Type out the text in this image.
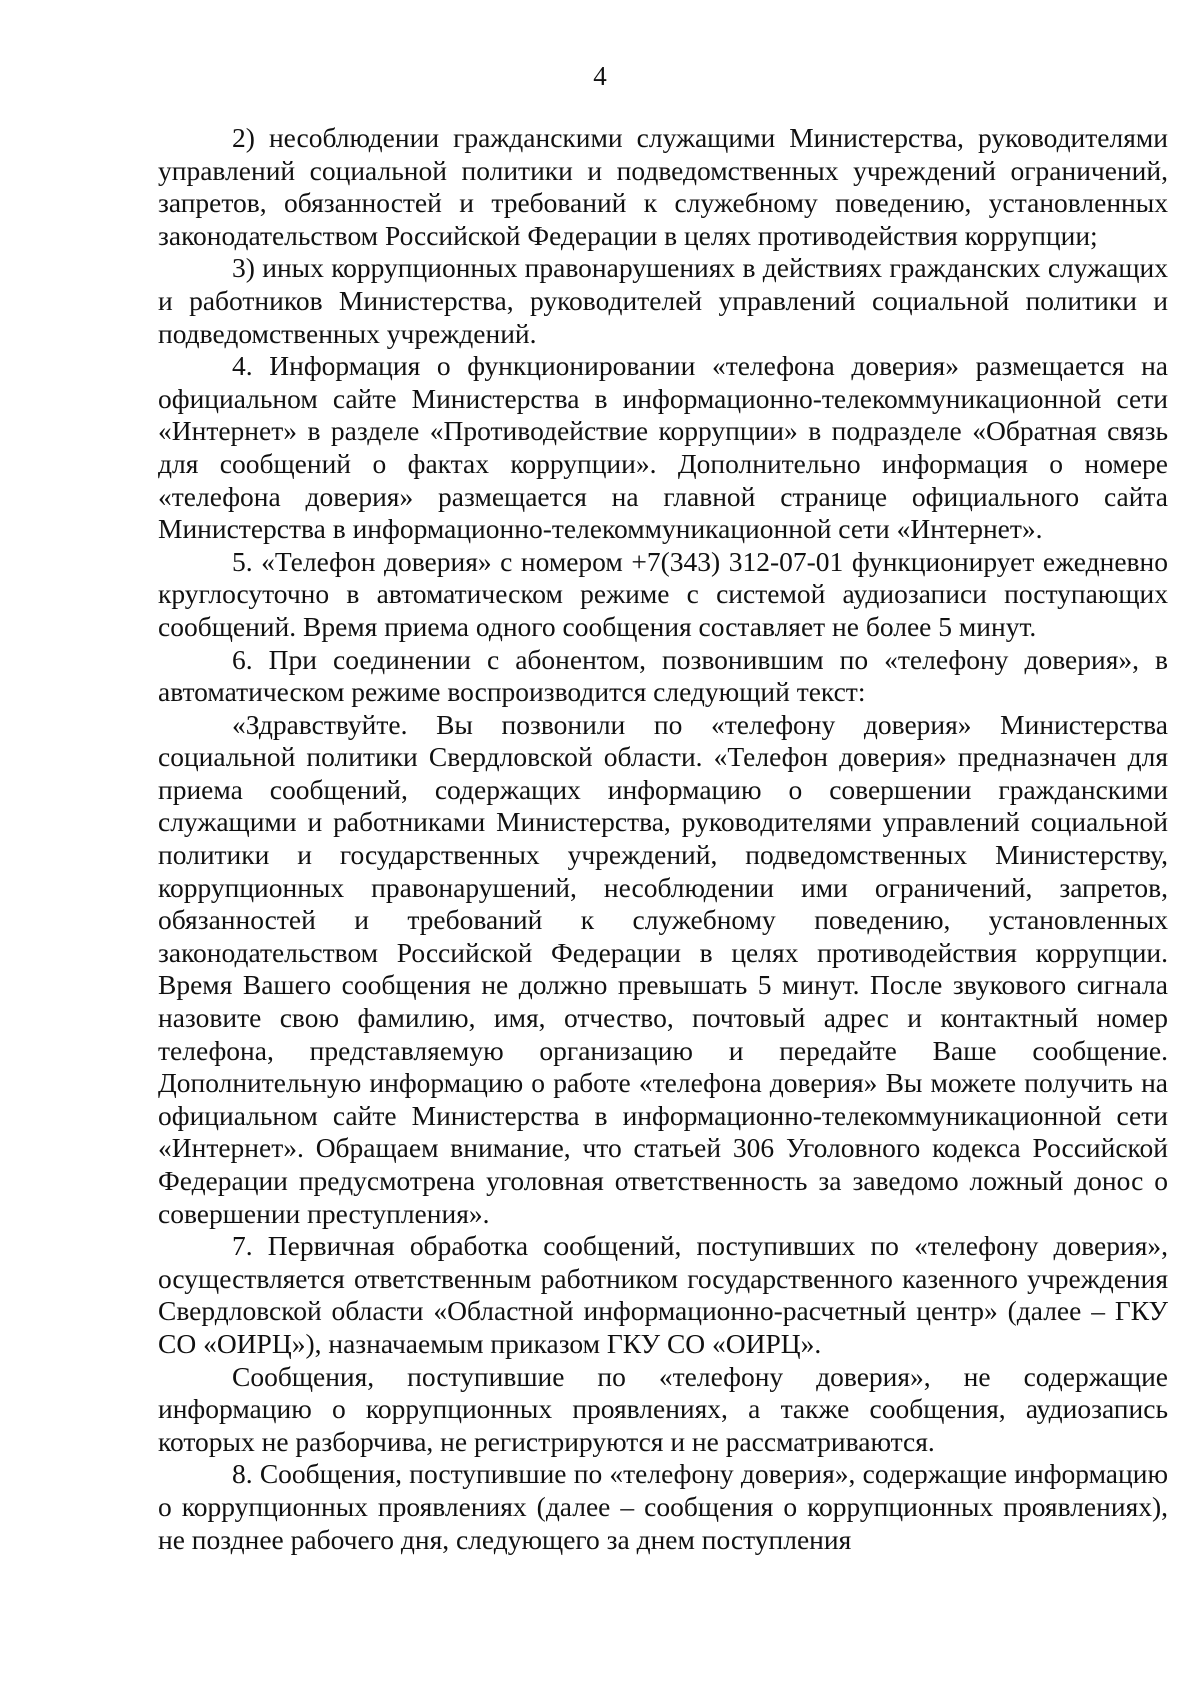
4

2) несоблюдении гражданскими служащими Министерства, руководителями управлений социальной политики и подведомственных учреждений ограничений, запретов, обязанностей и требований к служебному поведению, установленных законодательством Российской Федерации в целях противодействия коррупции;

3) иных коррупционных правонарушениях в действиях гражданских служащих и работников Министерства, руководителей управлений социальной политики и подведомственных учреждений.

4. Информация о функционировании «телефона доверия» размещается на официальном сайте Министерства в информационно-телекоммуникационной сети «Интернет» в разделе «Противодействие коррупции» в подразделе «Обратная связь для сообщений о фактах коррупции». Дополнительно информация о номере «телефона доверия» размещается на главной странице официального сайта Министерства в информационно-телекоммуникационной сети «Интернет».

5. «Телефон доверия» с номером +7(343) 312-07-01 функционирует ежедневно круглосуточно в автоматическом режиме с системой аудиозаписи поступающих сообщений. Время приема одного сообщения составляет не более 5 минут.

6. При соединении с абонентом, позвонившим по «телефону доверия», в автоматическом режиме воспроизводится следующий текст:

«Здравствуйте. Вы позвонили по «телефону доверия» Министерства социальной политики Свердловской области. «Телефон доверия» предназначен для приема сообщений, содержащих информацию о совершении гражданскими служащими и работниками Министерства, руководителями управлений социальной политики и государственных учреждений, подведомственных Министерству, коррупционных правонарушений, несоблюдении ими ограничений, запретов, обязанностей и требований к служебному поведению, установленных законодательством Российской Федерации в целях противодействия коррупции. Время Вашего сообщения не должно превышать 5 минут. После звукового сигнала назовите свою фамилию, имя, отчество, почтовый адрес и контактный номер телефона, представляемую организацию и передайте Ваше сообщение. Дополнительную информацию о работе «телефона доверия» Вы можете получить на официальном сайте Министерства в информационно-телекоммуникационной сети «Интернет». Обращаем внимание, что статьей 306 Уголовного кодекса Российской Федерации предусмотрена уголовная ответственность за заведомо ложный донос о совершении преступления».

7. Первичная обработка сообщений, поступивших по «телефону доверия», осуществляется ответственным работником государственного казенного учреждения Свердловской области «Областной информационно-расчетный центр» (далее – ГКУ СО «ОИРЦ»), назначаемым приказом ГКУ СО «ОИРЦ».

Сообщения, поступившие по «телефону доверия», не содержащие информацию о коррупционных проявлениях, а также сообщения, аудиозапись которых не разборчива, не регистрируются и не рассматриваются.

8. Сообщения, поступившие по «телефону доверия», содержащие информацию о коррупционных проявлениях (далее – сообщения о коррупционных проявлениях), не позднее рабочего дня, следующего за днем поступления
